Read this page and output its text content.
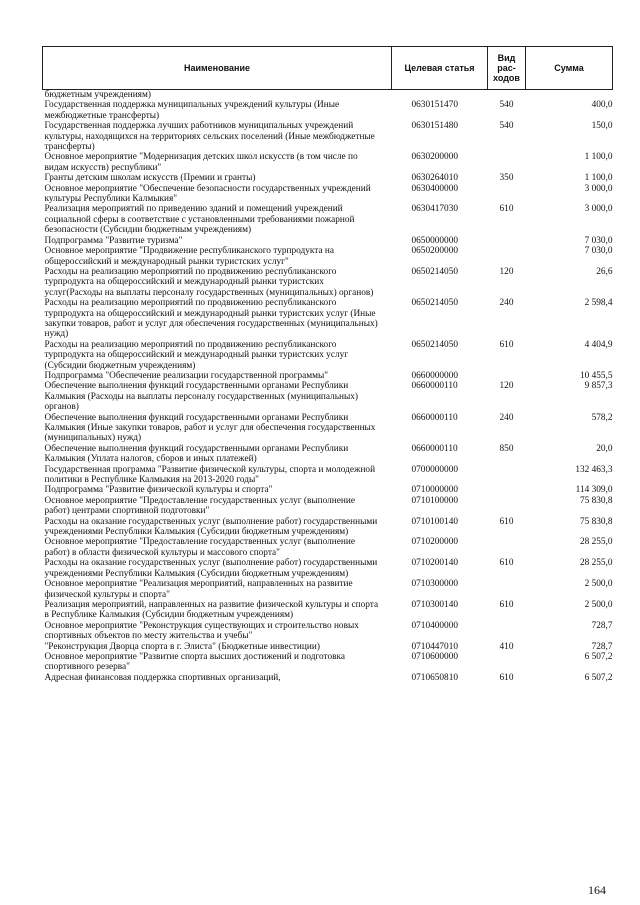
Наименование	Целевая статья	Вид рас-ходов	Сумма
бюджетным учреждениям)			
Государственная поддержка муниципальных учреждений культуры (Иные межбюджетные трансферты)	0630151470	540	400,0
Государственная поддержка лучших работников муниципальных учреждений культуры, находящихся на территориях сельских поселений (Иные межбюджетные трансферты)	0630151480	540	150,0
Основное мероприятие "Модернизация детских школ искусств (в том числе по видам искусств) республики"	0630200000		1 100,0
Гранты детским школам искусств (Премии и гранты)	0630264010	350	1 100,0
Основное мероприятие "Обеспечение безопасности государственных учреждений культуры Республики Калмыкия"	0630400000		3 000,0
Реализация мероприятий по приведению зданий и помещений учреждений социальной сферы в соответствие с установленными требованиями пожарной безопасности (Субсидии бюджетным учреждениям)	0630417030	610	3 000,0
Подпрограмма "Развитие туризма"	0650000000		7 030,0
Основное мероприятие "Продвижение республиканского турпродукта на общероссийский и международный рынки туристских услуг"	0650200000		7 030,0
Расходы на реализацию мероприятий по продвижению республиканского турпродукта на общероссийский и международный рынки туристских услуг(Расходы на выплаты персоналу государственных (муниципальных) органов)	0650214050	120	26,6
Расходы на реализацию мероприятий по продвижению республиканского турпродукта на общероссийский и международный рынки туристских услуг (Иные закупки товаров, работ и услуг для обеспечения государственных (муниципальных) нужд)	0650214050	240	2 598,4
Расходы на реализацию мероприятий по продвижению республиканского турпродукта на общероссийский и международный рынки туристских услуг (Субсидии бюджетным учреждениям)	0650214050	610	4 404,9
Подпрограмма "Обеспечение реализации государственной программы"	0660000000		10 455,5
Обеспечение выполнения функций государственными органами Республики Калмыкия (Расходы на выплаты персоналу государственных (муниципальных) органов)	0660000110	120	9 857,3
Обеспечение выполнения функций государственными органами Республики Калмыкия (Иные закупки товаров, работ и услуг для обеспечения государственных (муниципальных) нужд)	0660000110	240	578,2
Обеспечение выполнения функций государственными органами Республики Калмыкия (Уплата налогов, сборов и иных платежей)	0660000110	850	20,0
Государственная программа "Развитие физической культуры, спорта и молодежной политики в Республике Калмыкия на 2013-2020 годы"	0700000000		132 463,3
Подпрограмма "Развитие физической культуры и спорта"	0710000000		114 309,0
Основное мероприятие "Предоставление государственных услуг (выполнение работ) центрами спортивной подготовки"	0710100000		75 830,8
Расходы на оказание государственных услуг (выполнение работ) государственными учреждениями Республики Калмыкия (Субсидии бюджетным учреждениям)	0710100140	610	75 830,8
Основное мероприятие "Предоставление государственных услуг (выполнение работ) в области физической культуры и массового спорта"	0710200000		28 255,0
Расходы на оказание государственных услуг (выполнение работ) государственными учреждениями Республики Калмыкия (Субсидии бюджетным учреждениям)	0710200140	610	28 255,0
Основное мероприятие "Реализация мероприятий, направленных на развитие физической культуры и спорта"	0710300000		2 500,0
Реализация мероприятий, направленных на развитие физической культуры и спорта в Республике Калмыкия (Субсидии бюджетным учреждениям)	0710300140	610	2 500,0
Основное мероприятие "Реконструкция существующих и строительство новых спортивных объектов по месту жительства и учебы"	0710400000		728,7
"Реконструкция Дворца спорта в г. Элиста" (Бюджетные инвестиции)	0710447010	410	728,7
Основное мероприятие "Развитие спорта высших достижений и подготовка спортивного резерва"	0710600000		6 507,2
Адресная финансовая поддержка спортивных организаций,	0710650810	610	6 507,2
164
